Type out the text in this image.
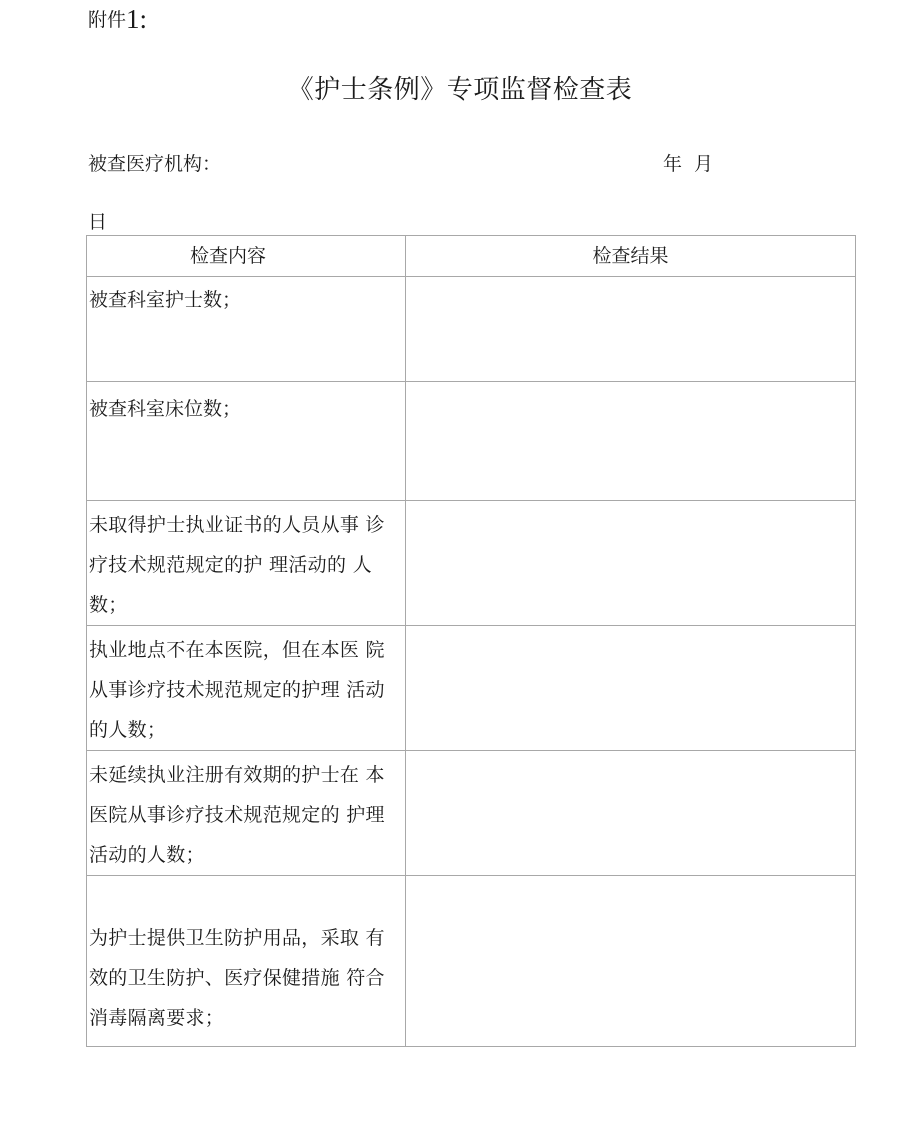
附件1:
《护士条例》专项监督检查表
被查医疗机构：	年 月
日
检查内容	检查结果

被查科室护士数；	

被查科室床位数；	

未取得护士执业证书的人员从事 诊疗技术规范规定的护 理活动的 人数；	

执业地点不在本医院，但在本医 院从事诊疗技术规范规定的护理 活动的人数；	

未延续执业注册有效期的护士在 本医院从事诊疗技术规范规定的 护理活动的人数；	

为护士提供卫生防护用品，采取 有效的卫生防护、医疗保健措施 符合消毒隔离要求；	
